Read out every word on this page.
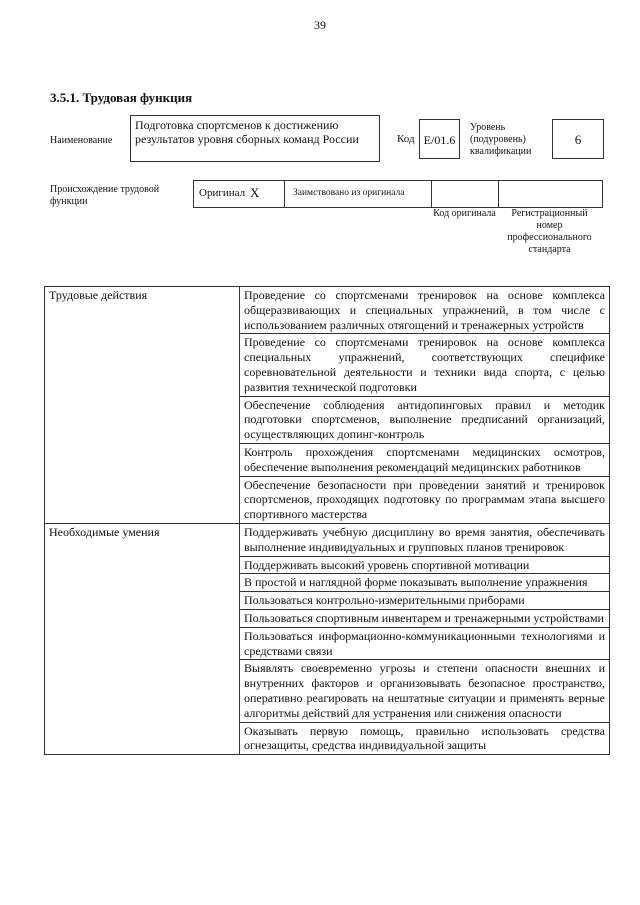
39
3.5.1. Трудовая функция
Наименование
Подготовка спортсменов к достижению результатов уровня сборных команд России	Код Е/01.6
Уровень (подуровень) квалификации
6
Происхождение трудовой функции
Оригинал X	Заимствовано из оригинала
Код оригинала	Регистрационный номер профессионального стандарта
Трудовые действия	Проведение со спортсменами тренировок на основе комплекса общеразвивающих и специальных упражнений, в том числе с использованием различных отягощений и тренажерных устройств
	Проведение со спортсменами тренировок на основе комплекса специальных упражнений, соответствующих специфике соревновательной деятельности и техники вида спорта, с целью развития технической подготовки
	Обеспечение соблюдения антидопинговых правил и методик подготовки спортсменов, выполнение предписаний организаций, осуществляющих допинг-контроль
	Контроль прохождения спортсменами медицинских осмотров, обеспечение выполнения рекомендаций медицинских работников
	Обеспечение безопасности при проведении занятий и тренировок спортсменов, проходящих подготовку по программам этапа высшего спортивного мастерства
Необходимые умения	Поддерживать учебную дисциплину во время занятия, обеспечивать выполнение индивидуальных и групповых планов тренировок
	Поддерживать высокий уровень спортивной мотивации
	В простой и наглядной форме показывать выполнение упражнения
	Пользоваться контрольно-измерительными приборами
	Пользоваться спортивным инвентарем и тренажерными устройствами
	Пользоваться информационно-коммуникационными технологиями и средствами связи
	Выявлять своевременно угрозы и степени опасности внешних и внутренних факторов и организовывать безопасное пространство, оперативно реагировать на нештатные ситуации и применять верные алгоритмы действий для устранения или снижения опасности
	Оказывать первую помощь, правильно использовать средства огнезащиты, средства индивидуальной защиты
